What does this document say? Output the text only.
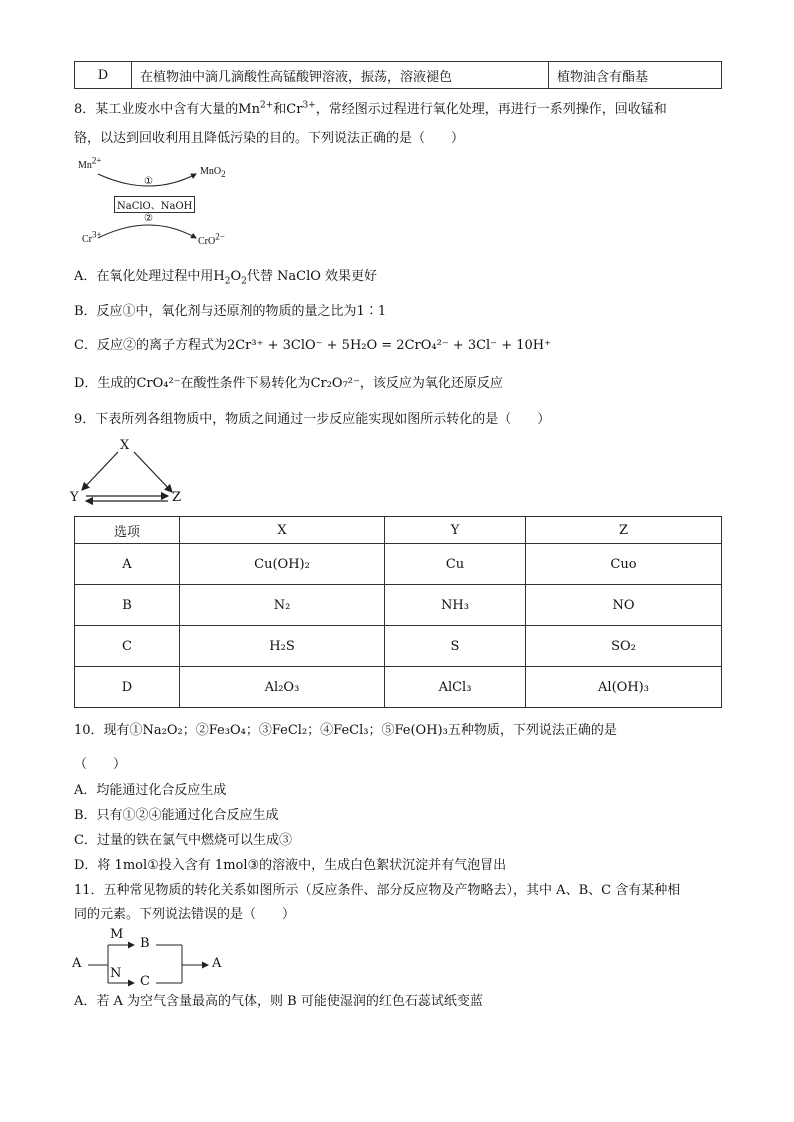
D	在植物油中滴几滴酸性高锰酸钾溶液，振荡，溶液褪色	植物油含有酯基
8．某工业废水中含有大量的$Mn^{2+}$和$Cr^{3+}$，常经图示过程进行氧化处理，再进行一系列操作，回收锰和
铬，以达到回收利用且降低污染的目的。下列说法正确的是（　　）
$Mn^{2+}$
MnO$_2$
①
NaClO、NaOH
②
$Cr^{3+}$
CrO$^{2-}$
A．在氧化处理过程中用$H_2O_2$代替 NaClO 效果更好
B．反应①中，氧化剂与还原剂的物质的量之比为1∶1
C．反应②的离子方程式为2Cr³⁺ + 3ClO⁻ + 5H₂O = 2CrO₄²⁻ + 3Cl⁻ + 10H⁺
D．生成的CrO₄²⁻在酸性条件下易转化为Cr₂O₇²⁻，该反应为氧化还原反应
9．下表所列各组物质中，物质之间通过一步反应能实现如图所示转化的是（　　）
X
Y	Z
选项	X	Y	Z
A	Cu(OH)₂	Cu	Cuo
B	N₂	NH₃	NO
C	H₂S	S	SO₂
D	Al₂O₃	AlCl₃	Al(OH)₃
10．现有①Na₂O₂；②Fe₃O₄；③FeCl₂；④FeCl₃；⑤Fe(OH)₃五种物质，下列说法正确的是
（　　）
A．均能通过化合反应生成
B．只有①②④能通过化合反应生成
C．过量的铁在氯气中燃烧可以生成③
D．将 1mol①投入含有 1mol③的溶液中，生成白色絮状沉淀并有气泡冒出
11．五种常见物质的转化关系如图所示（反应条件、部分反应物及产物略去），其中 A、B、C 含有某种相
同的元素。下列说法错误的是（　　）
A
M
B
N
C
A
A．若 A 为空气含量最高的气体，则 B 可能使湿润的红色石蕊试纸变蓝
